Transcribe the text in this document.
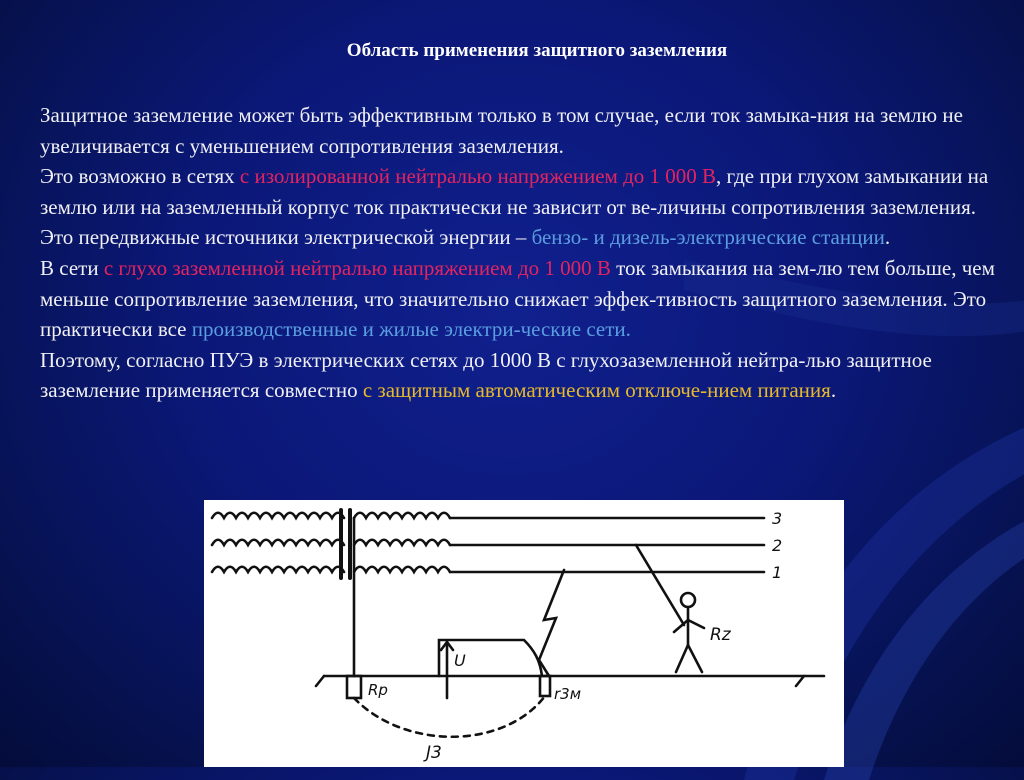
Область применения защитного заземления

Защитное заземление может быть эффективным только в том случае, если ток замыка-ния на землю не увеличивается с уменьшением сопротивления заземления.

Это возможно в сетях с изолированной нейтралью напряжением до 1 000 В, где при глухом замыкании на землю или на заземленный корпус ток практически не зависит от ве-личины сопротивления заземления. Это передвижные источники электрической энергии – бензо- и дизель-электрические станции.

В сети с глухо заземленной нейтралью напряжением до 1 000 В ток замыкания на зем-лю тем больше, чем меньше сопротивление заземления, что значительно снижает эффек-тивность защитного заземления. Это практически все производственные и жилые электри-ческие сети.

Поэтому, согласно ПУЭ в электрических сетях до 1000 В с глухозаземленной нейтра-лью защитное заземление применяется совместно с защитным автоматическим отключе-нием питания.

3
2
1
Rр
Rz
r3м
J3
U
